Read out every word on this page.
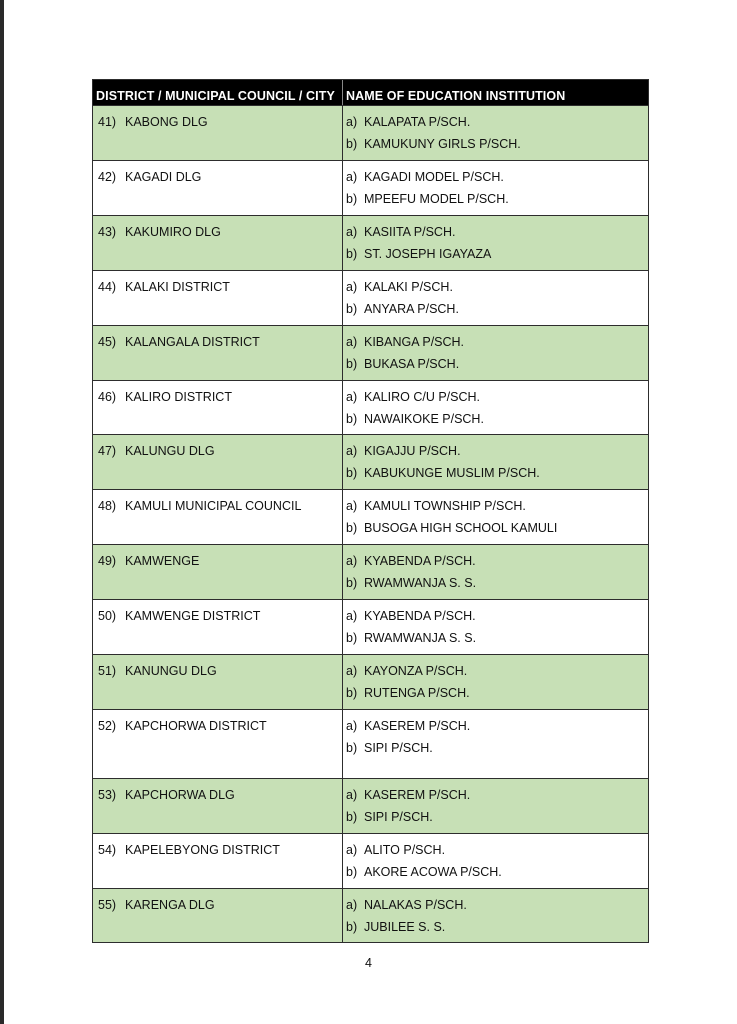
DISTRICT / MUNICIPAL COUNCIL / CITY NAME OF EDUCATION INSTITUTION
41) KABONG DLG	a) KALAPATA P/SCH.
b) KAMUKUNY GIRLS P/SCH.
42) KAGADI DLG	a) KAGADI MODEL P/SCH.
b) MPEEFU MODEL P/SCH.
43) KAKUMIRO DLG	a) KASIITA P/SCH.
b) ST. JOSEPH IGAYAZA
44) KALAKI DISTRICT	a) KALAKI P/SCH.
b) ANYARA P/SCH.
45) KALANGALA DISTRICT	a) KIBANGA P/SCH.
b) BUKASA P/SCH.
46) KALIRO DISTRICT	a) KALIRO C/U P/SCH.
b) NAWAIKOKE P/SCH.
47) KALUNGU DLG	a) KIGAJJU P/SCH.
b) KABUKUNGE MUSLIM P/SCH.
48) KAMULI MUNICIPAL COUNCIL	a) KAMULI TOWNSHIP P/SCH.
b) BUSOGA HIGH SCHOOL KAMULI
49) KAMWENGE	a) KYABENDA P/SCH.
b) RWAMWANJA S. S.
50) KAMWENGE DISTRICT	a) KYABENDA P/SCH.
b) RWAMWANJA S. S.
51) KANUNGU DLG	a) KAYONZA P/SCH.
b) RUTENGA P/SCH.
52) KAPCHORWA DISTRICT	a) KASEREM P/SCH.
b) SIPI P/SCH.
53) KAPCHORWA DLG	a) KASEREM P/SCH.
b) SIPI P/SCH.
54) KAPELEBYONG DISTRICT	a) ALITO P/SCH.
b) AKORE ACOWA P/SCH.
55) KARENGA DLG	a) NALAKAS P/SCH.
b) JUBILEE S. S.
4
